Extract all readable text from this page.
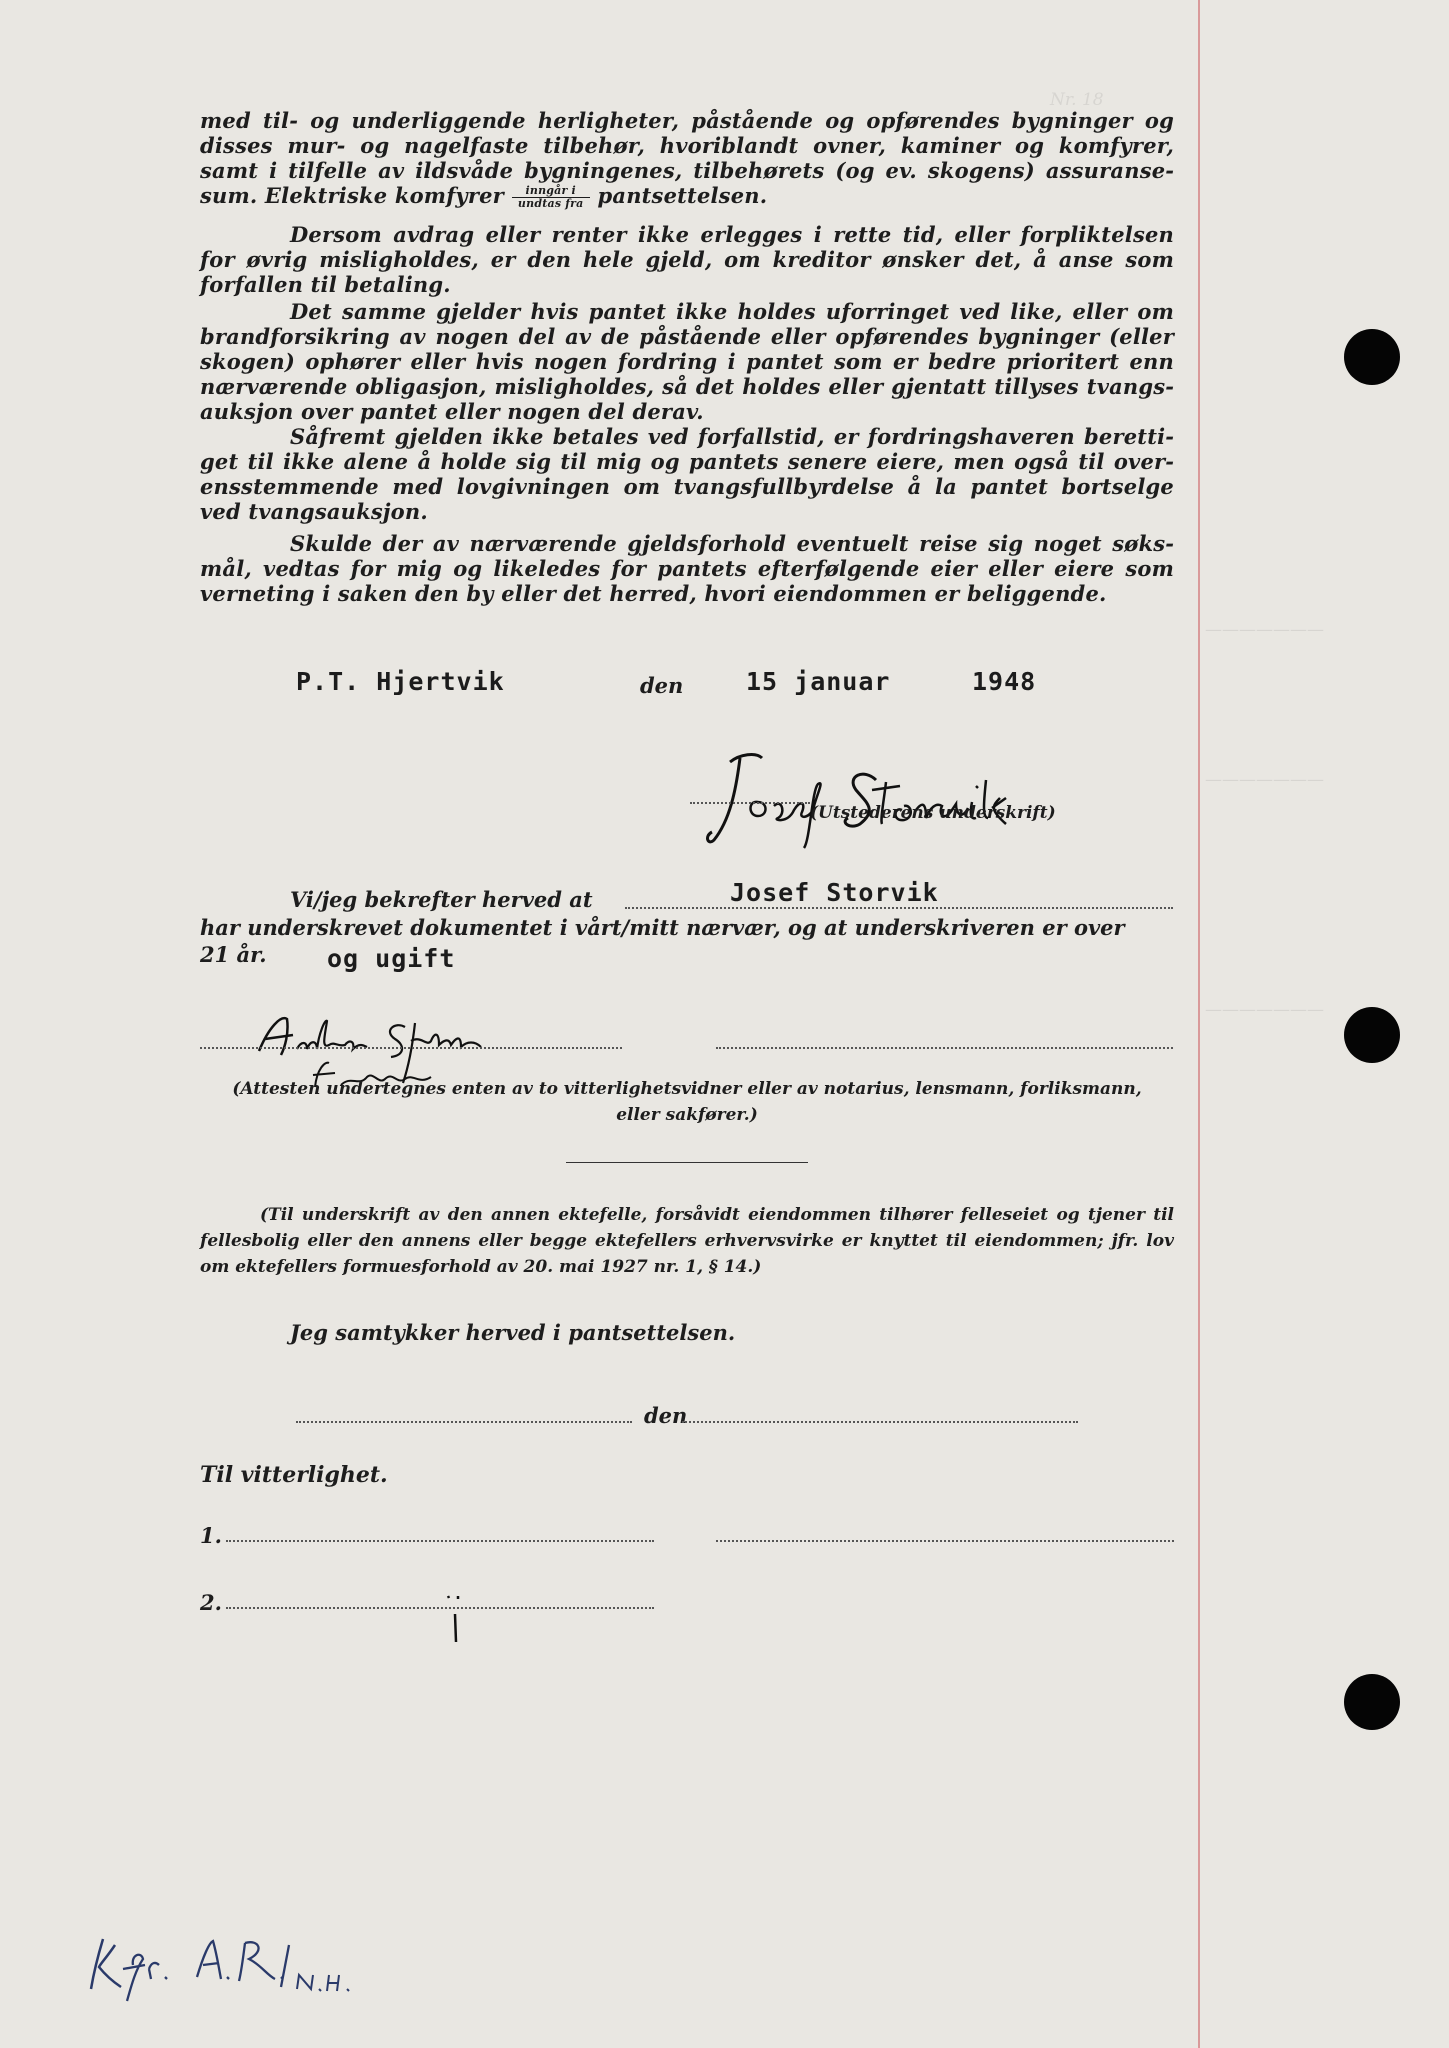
Nr. 18
———————
———————
———————
med til- og underliggende herligheter, påstående og opførendes bygninger og disses mur- og nagelfaste tilbehør, hvoriblandt ovner, kaminer og komfyrer, samt i tilfelle av ildsvåde bygningenes, tilbehørets (og ev. skogens) assuransesum. Elektriske komfyrer $\frac{\text{inngår i}}{\text{undtas fra}}$ pantsettelsen.
Dersom avdrag eller renter ikke erlegges i rette tid, eller forpliktelsen for øvrig misligholdes, er den hele gjeld, om kreditor ønsker det, å anse som forfallen til betaling.
Det samme gjelder hvis pantet ikke holdes uforringet ved like, eller om brandforsikring av nogen del av de påstående eller opførendes bygninger (eller skogen) ophører eller hvis nogen fordring i pantet som er bedre prioritert enn nærværende obligasjon, misligholdes, så det holdes eller gjentatt tillyses tvangsauksjon over pantet eller nogen del derav.
Såfremt gjelden ikke betales ved forfallstid, er fordringshaveren berettiget til ikke alene å holde sig til mig og pantets senere eiere, men også til overensstemmende med lovgivningen om tvangsfullbyrdelse å la pantet bortselge ved tvangsauksjon.
Skulde der av nærværende gjeldsforhold eventuelt reise sig noget søksmål, vedtas for mig og likeledes for pantets efterfølgende eier eller eiere som verneting i saken den by eller det herred, hvori eiendommen er beliggende.
P.T. Hjertvik	den	15 januar	1948
(Utstederens underskrift)
Vi/jeg bekrefter herved at	Josef Storvik
har underskrevet dokumentet i vårt/mitt nærvær, og at underskriveren er over
21 år. og ugift
(Attesten undertegnes enten av to vitterlighetsvidner eller av notarius, lensmann, forliksmann,
eller sakfører.)
(Til underskrift av den annen ektefelle, forsåvidt eiendommen tilhører felleseiet og tjener til fellesbolig eller den annens eller begge ektefellers erhvervsvirke er knyttet til eiendommen; jfr. lov om ektefellers formuesforhold av 20. mai 1927 nr. 1, § 14.)
Jeg samtykker herved i pantsettelsen.
den
Til vitterlighet.
1.
2.
